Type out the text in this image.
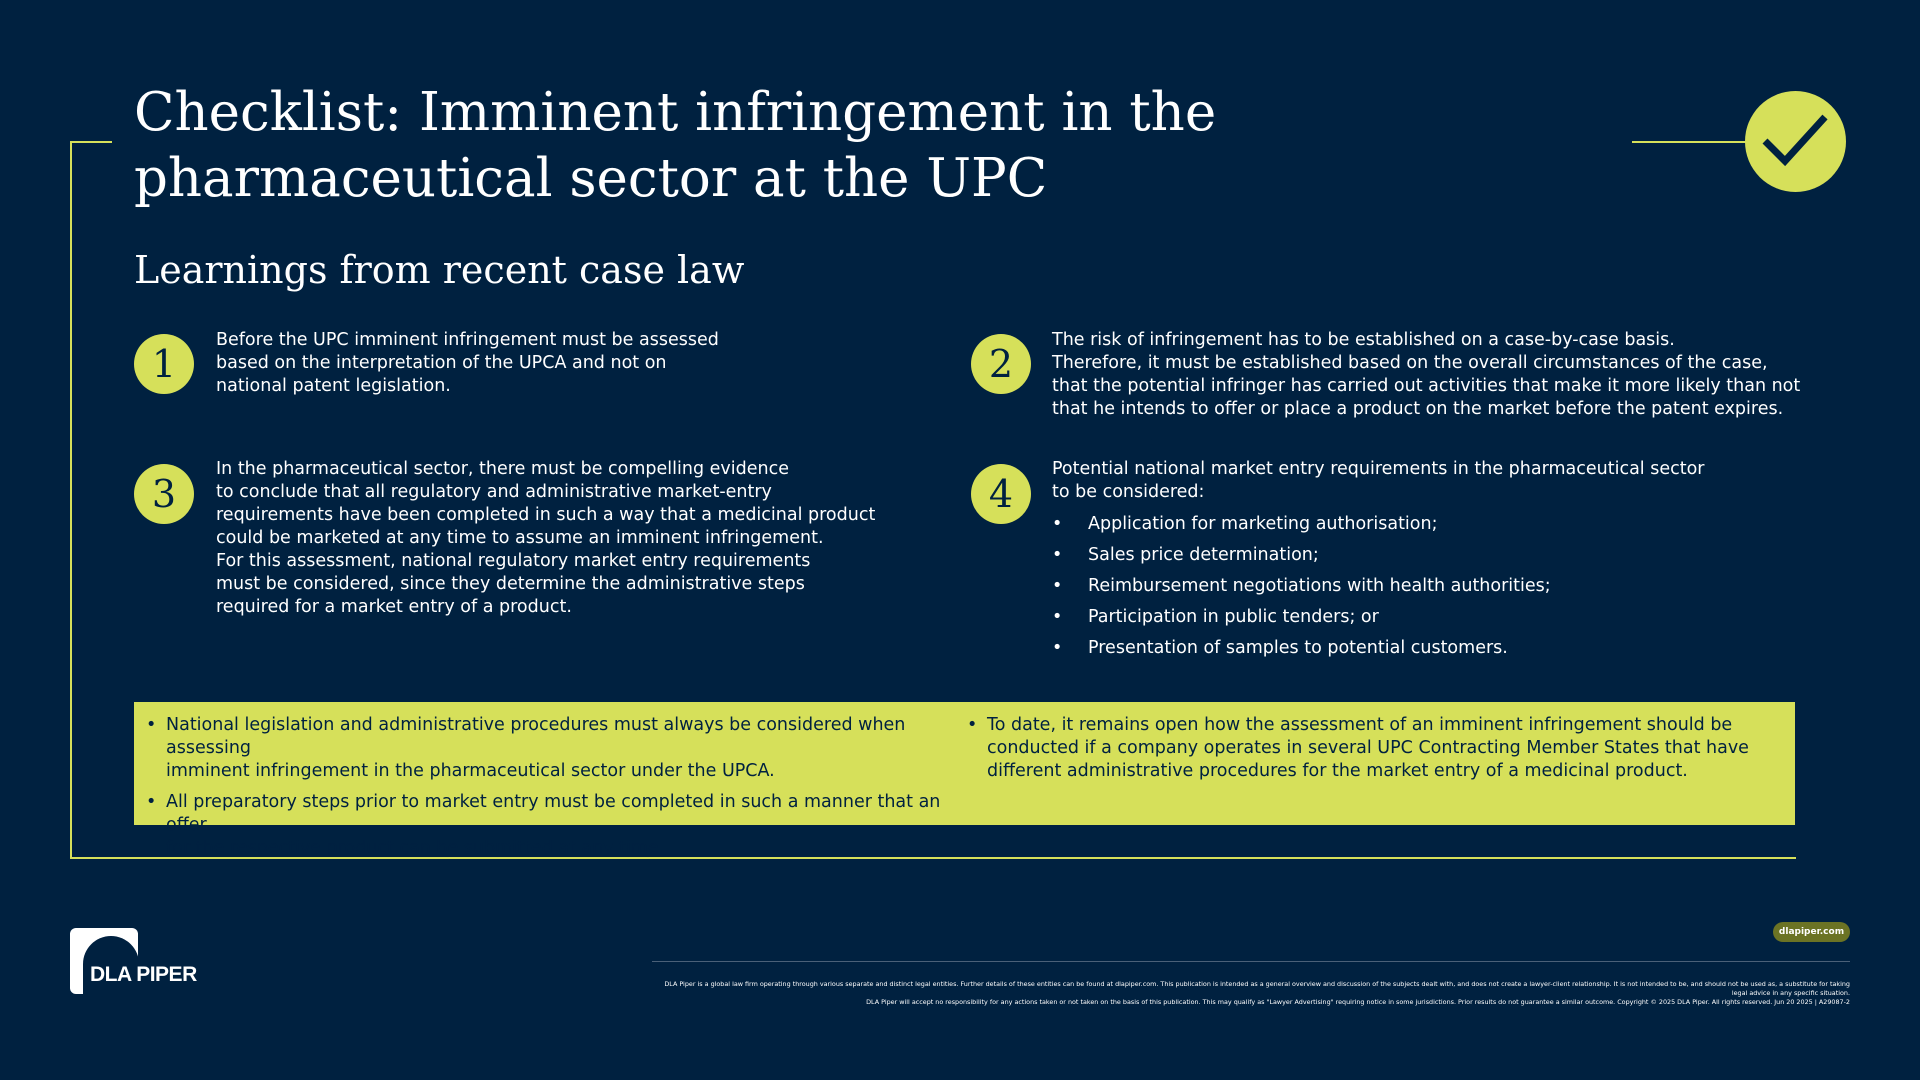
Checklist: Imminent infringement in the
pharmaceutical sector at the UPC
Learnings from recent case law
1
Before the UPC imminent infringement must be assessed
based on the interpretation of the UPCA and not on
national patent legislation.	2
The risk of infringement has to be established on a case-by-case basis.
Therefore, it must be established based on the overall circumstances of the case,
that the potential infringer has carried out activities that make it more likely than not
that he intends to offer or place a product on the market before the patent expires.
3
In the pharmaceutical sector, there must be compelling evidence
to conclude that all regulatory and administrative market-entry
requirements have been completed in such a way that a medicinal product
could be marketed at any time to assume an imminent infringement.
For this assessment, national regulatory market entry requirements
must be considered, since they determine the administrative steps
required for a market entry of a product.
4
Potential national market entry requirements in the pharmaceutical sector
to be considered:
• Application for marketing authorisation;
• Sales price determination;
• Reimbursement negotiations with health authorities;
• Participation in public tenders; or
• Presentation of samples to potential customers.
• National legislation and administrative procedures must always be considered when assessing
imminent infringement in the pharmaceutical sector under the UPCA.
• All preparatory steps prior to market entry must be completed in such a manner that an offer
for the respective product can be submitted at any time.
• To date, it remains open how the assessment of an imminent infringement should be
conducted if a company operates in several UPC Contracting Member States that have
different administrative procedures for the market entry of a medicinal product.
DLA PIPER
dlapiper.com
DLA Piper is a global law firm operating through various separate and distinct legal entities. Further details of these entities can be found at dlapiper.com. This publication is intended as a general overview and discussion of the subjects dealt with, and does not create a lawyer-client relationship. It is not intended to be, and should not be used as, a substitute for taking legal advice in any specific situation.
DLA Piper will accept no responsibility for any actions taken or not taken on the basis of this publication. This may qualify as "Lawyer Advertising" requiring notice in some jurisdictions. Prior results do not guarantee a similar outcome. Copyright © 2025 DLA Piper. All rights reserved. Jun 20 2025 | A29087-2
